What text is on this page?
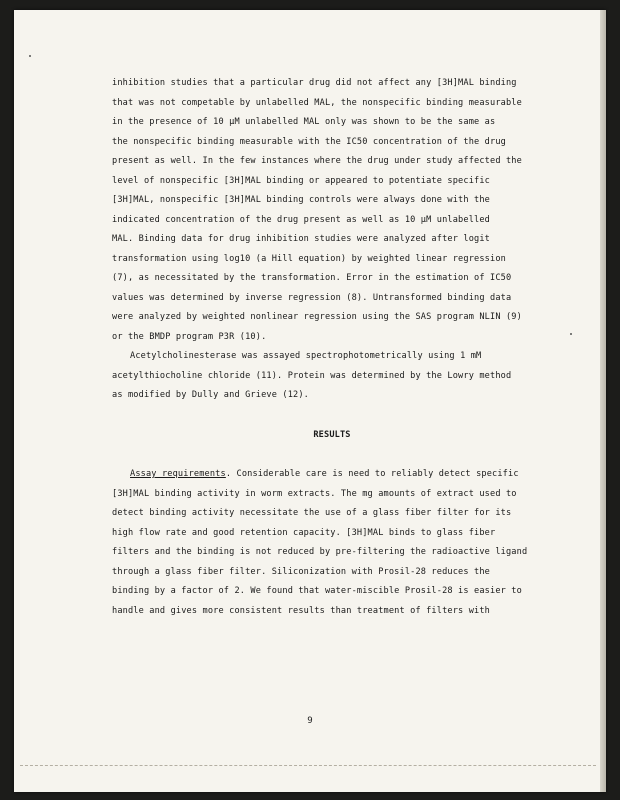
inhibition studies that a particular drug did not affect any [3H]MAL binding
that was not competable by unlabelled MAL, the nonspecific binding measurable
in the presence of 10 µM unlabelled MAL only was shown to be the same as
the nonspecific binding measurable with the IC50 concentration of the drug
present as well. In the few instances where the drug under study affected the
level of nonspecific [3H]MAL binding or appeared to potentiate specific
[3H]MAL, nonspecific [3H]MAL binding controls were always done with the
indicated concentration of the drug present as well as 10 µM unlabelled
MAL. Binding data for drug inhibition studies were analyzed after logit
transformation using log10 (a Hill equation) by weighted linear regression
(7), as necessitated by the transformation. Error in the estimation of IC50
values was determined by inverse regression (8). Untransformed binding data
were analyzed by weighted nonlinear regression using the SAS program NLIN (9)
or the BMDP program P3R (10).
Acetylcholinesterase was assayed spectrophotometrically using 1 mM
acetylthiocholine chloride (11). Protein was determined by the Lowry method
as modified by Dully and Grieve (12).
RESULTS
Assay requirements. Considerable care is need to reliably detect specific
[3H]MAL binding activity in worm extracts. The mg amounts of extract used to
detect binding activity necessitate the use of a glass fiber filter for its
high flow rate and good retention capacity. [3H]MAL binds to glass fiber
filters and the binding is not reduced by pre-filtering the radioactive ligand
through a glass fiber filter. Siliconization with Prosil-28 reduces the
binding by a factor of 2. We found that water-miscible Prosil-28 is easier to
handle and gives more consistent results than treatment of filters with
9
